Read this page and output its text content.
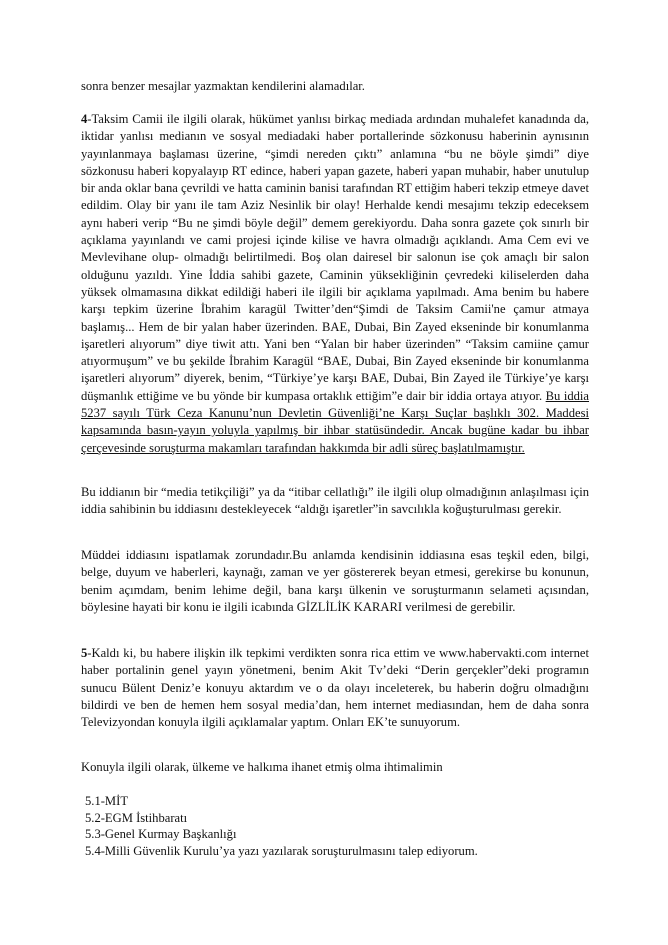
sonra benzer mesajlar yazmaktan kendilerini alamadılar.
4-Taksim Camii ile ilgili olarak, hükümet yanlısı birkaç mediada ardından muhalefet kanadında da, iktidar yanlısı medianın ve sosyal mediadaki haber portallerinde sözkonusu haberinin aynısının yayınlanmaya başlaması üzerine, “şimdi nereden çıktı” anlamına “bu ne böyle şimdi” diye sözkonusu haberi kopyalayıp RT edince, haberi yapan gazete, haberi yapan muhabir, haber unutulup bir anda oklar bana çevrildi ve hatta caminin banisi tarafından RT ettiğim haberi tekzip etmeye davet edildim. Olay bir yanı ile tam Aziz Nesinlik bir olay! Herhalde kendi mesajımı tekzip edeceksem aynı haberi verip “Bu ne şimdi böyle değil” demem gerekiyordu. Daha sonra gazete çok sınırlı bir açıklama yayınlandı ve cami projesi içinde kilise ve havra olmadığı açıklandı. Ama Cem evi ve Mevlevihane olup- olmadığı belirtilmedi. Boş olan dairesel bir salonun ise çok amaçlı bir salon olduğunu yazıldı. Yine İddia sahibi gazete, Caminin yüksekliğinin çevredeki kiliselerden daha yüksek olmamasına dikkat edildiği haberi ile ilgili bir açıklama yapılmadı. Ama benim bu habere karşı tepkim üzerine İbrahim karagül Twitter’den“Şimdi de Taksim Camii'ne çamur atmaya başlamış... Hem de bir yalan haber üzerinden. BAE, Dubai, Bin Zayed ekseninde bir konumlanma işaretleri alıyorum” diye tiwit attı. Yani ben “Yalan bir haber üzerinden” “Taksim camiine çamur atıyormuşum” ve bu şekilde İbrahim Karagül “BAE, Dubai, Bin Zayed ekseninde bir konumlanma işaretleri alıyorum” diyerek, benim, “Türkiye’ye karşı BAE, Dubai, Bin Zayed ile Türkiye’ye karşı düşmanlık ettiğime ve bu yönde bir kumpasa ortaklık ettiğim”e dair bir iddia ortaya atıyor. Bu iddia 5237 sayılı Türk Ceza Kanunu’nun Devletin Güvenliği’ne Karşı Suçlar başlıklı 302. Maddesi kapsamında basın-yayın yoluyla yapılmış bir ihbar statüsündedir. Ancak bugüne kadar bu ihbar çerçevesinde soruşturma makamları tarafından hakkımda bir adli süreç başlatılmamıştır.
Bu iddianın bir “media tetikçiliği” ya da “itibar cellatlığı” ile ilgili olup olmadığının anlaşılması için iddia sahibinin bu iddiasını destekleyecek “aldığı işaretler”in savcılıkla koğuşturulması gerekir.
Müddei iddiasını ispatlamak zorundadır.Bu anlamda kendisinin iddiasına esas teşkil eden, bilgi, belge, duyum ve haberleri, kaynağı, zaman ve yer göstererek beyan etmesi, gerekirse bu konunun, benim açımdam, benim lehime değil, bana karşı ülkenin ve soruşturmanın selameti açısından, böylesine hayati bir konu ie ilgili icabında GİZLİLİK KARARI verilmesi de gerebilir.
5-Kaldı ki, bu habere ilişkin ilk tepkimi verdikten sonra rica ettim ve www.habervakti.com internet haber portalinin genel yayın yönetmeni, benim Akit Tv’deki “Derin gerçekler”deki programın sunucu Bülent Deniz’e konuyu aktardım ve o da olayı inceleterek, bu haberin doğru olmadığını bildirdi ve ben de hemen hem sosyal media’dan, hem internet mediasından, hem de daha sonra Televizyondan konuyla ilgili açıklamalar yaptım. Onları EK’te sunuyorum.
Konuyla ilgili olarak, ülkeme ve halkıma ihanet etmiş olma ihtimalimin
5.1-MİT
5.2-EGM İstihbaratı
5.3-Genel Kurmay Başkanlığı
5.4-Milli Güvenlik Kurulu’ya yazı yazılarak soruşturulmasını talep ediyorum.
